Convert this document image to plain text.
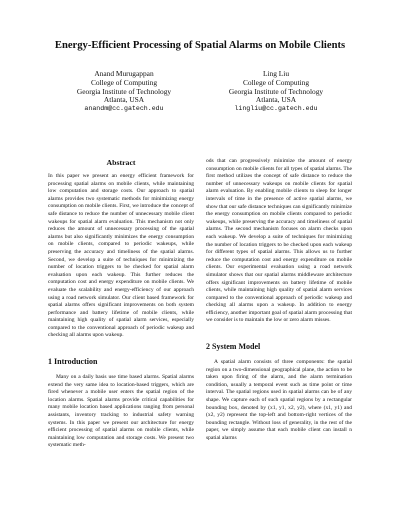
Energy-Efficient Processing of Spatial Alarms on Mobile Clients
Anand Murugappan
College of Computing
Georgia Institute of Technology
Atlanta, USA
anandm@cc.gatech.edu
Ling Liu
College of Computing
Georgia Institute of Technology
Atlanta, USA
lingliu@cc.gatech.edu
Abstract

In this paper we present an energy efficient framework for processing spatial alarms on mobile clients, while maintaining low computation and storage costs. Our approach to spatial alarms provides two systematic methods for minimizing energy consumption on mobile clients. First, we introduce the concept of safe distance to reduce the number of unnecessary mobile client wakeups for spatial alarm evaluation. This mechanism not only reduces the amount of unnecessary processing of the spatial alarms but also significantly minimizes the energy consumption on mobile clients, compared to periodic wakeups, while preserving the accuracy and timeliness of the spatial alarms. Second, we develop a suite of techniques for minimizing the number of location triggers to be checked for spatial alarm evaluation upon each wakeup. This further reduces the computation cost and energy expenditure on mobile clients. We evaluate the scalability and energy-efficiency of our approach using a road network simulator. Our client based framework for spatial alarms offers significant improvements on both system performance and battery lifetime of mobile clients, while maintaining high quality of spatial alarm services, especially compared to the conventional approach of periodic wakeup and checking all alarms upon wakeup.

1 Introduction

Many on a daily basis use time based alarms. Spatial alarms extend the very same idea to location-based triggers, which are fired whenever a mobile user enters the spatial region of the location alarms. Spatial alarms provide critical capabilities for many mobile location based applications ranging from personal assistants, inventory tracking to industrial safety warning systems. In this paper we present our architecture for energy efficient processing of spatial alarms on mobile clients, while maintaining low computation and storage costs. We present two systematic meth-

ods that can progressively minimize the amount of energy consumption on mobile clients for all types of spatial alarms. The first method utilizes the concept of safe distance to reduce the number of unnecessary wakeups on mobile clients for spatial alarm evaluation. By enabling mobile clients to sleep for longer intervals of time in the presence of active spatial alarms, we show that our safe distance techniques can significantly minimize the energy consumption on mobile clients compared to periodic wakeups, while preserving the accuracy and timeliness of spatial alarms. The second mechanism focuses on alarm checks upon each wakeup. We develop a suite of techniques for minimizing the number of location triggers to be checked upon each wakeup for different types of spatial alarms. This allows us to further reduce the computation cost and energy expenditure on mobile clients. Our experimental evaluation using a road network simulator shows that our spatial alarms middleware architecture offers significant improvements on battery lifetime of mobile clients, while maintaining high quality of spatial alarm services compared to the conventional approach of periodic wakeup and checking all alarms upon a wakeup. In addition to energy efficiency, another important goal of spatial alarm processing that we consider is to maintain the low or zero alarm misses.

2 System Model

A spatial alarm consists of three components: the spatial region on a two-dimensional geographical plane, the action to be taken upon firing of the alarm, and the alarm termination condition, usually a temporal event such as time point or time interval. The spatial regions used in spatial alarms can be of any shape. We capture each of such spatial regions by a rectangular bounding box, denoted by (x1, y1, x2, y2), where (x1, y1) and (x2, y2) represent the top-left and bottom-right vertices of the bounding rectangle. Without loss of generality, in the rest of the paper, we simply assume that each mobile client can install n spatial alarms
